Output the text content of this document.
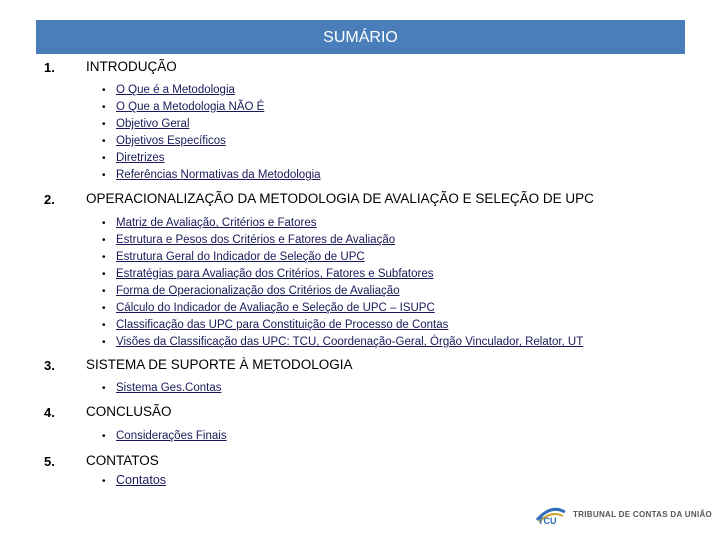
SUMÁRIO
1. INTRODUÇÃO
• O Que é a Metodologia
• O Que a Metodologia NÃO É
• Objetivo Geral
• Objetivos Específicos
• Diretrizes
• Referências Normativas da Metodologia
2. OPERACIONALIZAÇÃO DA METODOLOGIA DE AVALIAÇÃO E SELEÇÃO DE UPC
• Matriz de Avaliação, Critérios e Fatores
• Estrutura e Pesos dos Critérios e Fatores de Avaliação
• Estrutura Geral do Indicador de Seleção de UPC
• Estratégias para Avaliação dos Critérios, Fatores e Subfatores
• Forma de Operacionalização dos Critérios de Avaliação
• Cálculo do Indicador de Avaliação e Seleção de UPC – ISUPC
• Classificação das UPC para Constituição de Processo de Contas
• Visões da Classificação das UPC: TCU, Coordenação-Geral, Órgão Vinculador, Relator, UT
3. SISTEMA DE SUPORTE À METODOLOGIA
• Sistema Ges.Contas
4. CONCLUSÃO
• Considerações Finais
5. CONTATOS
• Contatos
TCU
TRIBUNAL DE CONTAS DA UNIÃO
